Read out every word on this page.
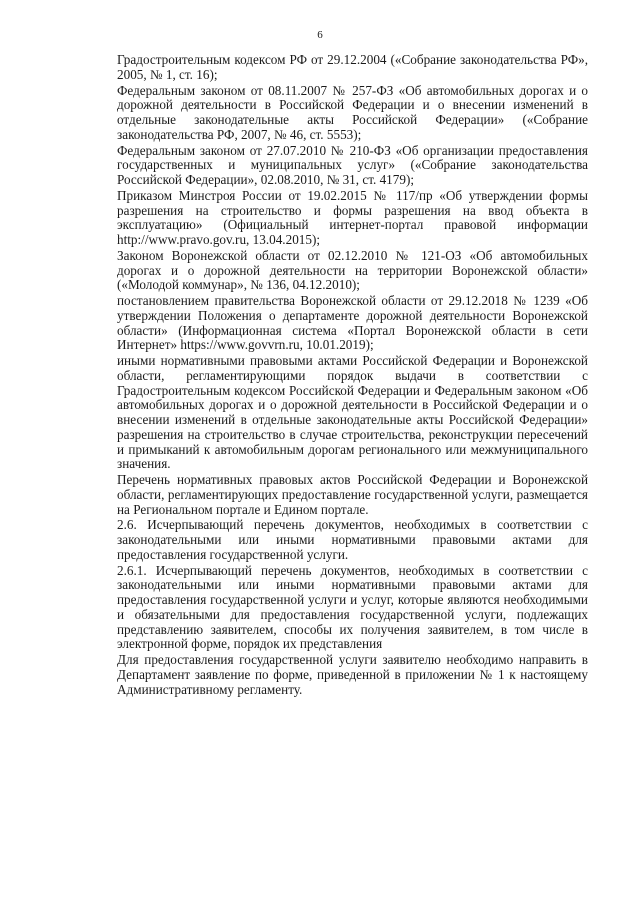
6

Градостроительным кодексом РФ от 29.12.2004 («Собрание законодательства РФ», 2005, № 1, ст. 16);

Федеральным законом от 08.11.2007 № 257-ФЗ «Об автомобильных дорогах и о дорожной деятельности в Российской Федерации и о внесении изменений в отдельные законодательные акты Российской Федерации» («Собрание законодательства РФ, 2007, № 46, ст. 5553);

Федеральным законом от 27.07.2010 № 210-ФЗ «Об организации предоставления государственных и муниципальных услуг» («Собрание законодательства Российской Федерации», 02.08.2010, № 31, ст. 4179);

Приказом Минстроя России от 19.02.2015 № 117/пр «Об утверждении формы разрешения на строительство и формы разрешения на ввод объекта в эксплуатацию» (Официальный интернет-портал правовой информации http://www.pravo.gov.ru, 13.04.2015);

Законом Воронежской области от 02.12.2010 № 121-ОЗ «Об автомобильных дорогах и о дорожной деятельности на территории Воронежской области» («Молодой коммунар», № 136, 04.12.2010);

постановлением правительства Воронежской области от 29.12.2018 № 1239 «Об утверждении Положения о департаменте дорожной деятельности Воронежской области» (Информационная система «Портал Воронежской области в сети Интернет» https://www.govvrn.ru, 10.01.2019);

иными нормативными правовыми актами Российской Федерации и Воронежской области, регламентирующими порядок выдачи в соответствии с Градостроительным кодексом Российской Федерации и Федеральным законом «Об автомобильных дорогах и о дорожной деятельности в Российской Федерации и о внесении изменений в отдельные законодательные акты Российской Федерации» разрешения на строительство в случае строительства, реконструкции пересечений и примыканий к автомобильным дорогам регионального или межмуниципального значения.

Перечень нормативных правовых актов Российской Федерации и Воронежской области, регламентирующих предоставление государственной услуги, размещается на Региональном портале и Едином портале.

2.6. Исчерпывающий перечень документов, необходимых в соответствии с законодательными или иными нормативными правовыми актами для предоставления государственной услуги.

2.6.1. Исчерпывающий перечень документов, необходимых в соответствии с законодательными или иными нормативными правовыми актами для предоставления государственной услуги и услуг, которые являются необходимыми и обязательными для предоставления государственной услуги, подлежащих представлению заявителем, способы их получения заявителем, в том числе в электронной форме, порядок их представления

Для предоставления государственной услуги заявителю необходимо направить в Департамент заявление по форме, приведенной в приложении № 1 к настоящему Административному регламенту.
